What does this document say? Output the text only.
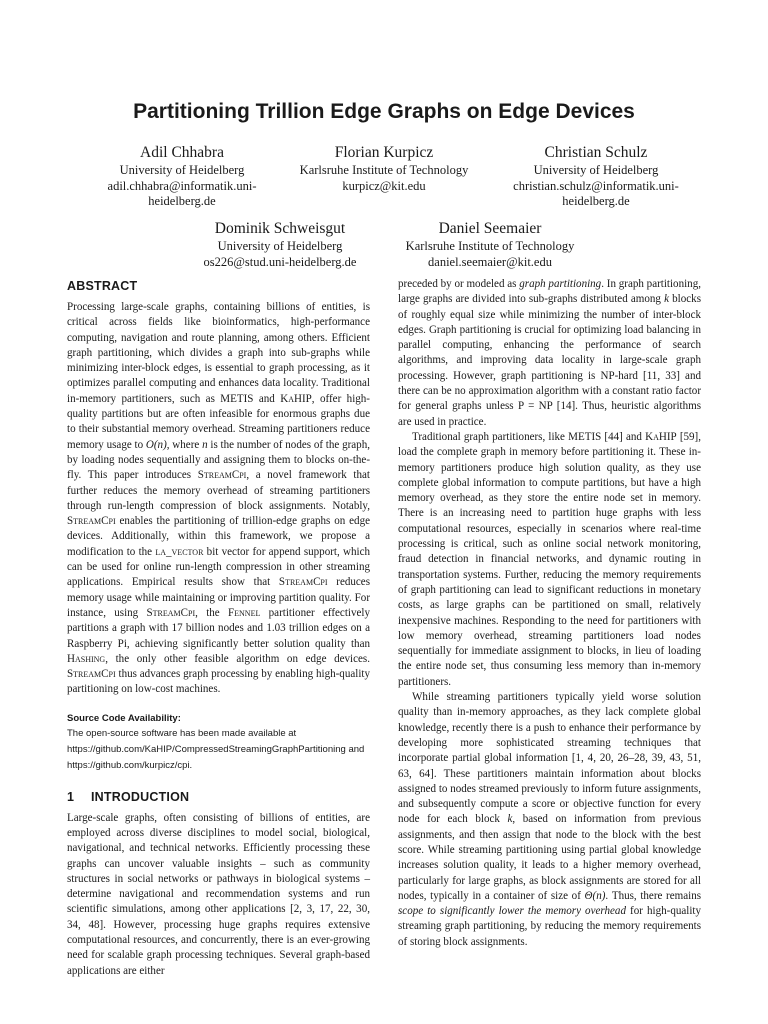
Partitioning Trillion Edge Graphs on Edge Devices
Adil Chhabra
University of Heidelberg
adil.chhabra@informatik.uni-heidelberg.de
Florian Kurpicz
Karlsruhe Institute of Technology
kurpicz@kit.edu
Christian Schulz
University of Heidelberg
christian.schulz@informatik.uni-heidelberg.de
Dominik Schweisgut
University of Heidelberg
os226@stud.uni-heidelberg.de
Daniel Seemaier
Karlsruhe Institute of Technology
daniel.seemaier@kit.edu
ABSTRACT

Processing large-scale graphs, containing billions of entities, is critical across fields like bioinformatics, high-performance computing, navigation and route planning, among others. Efficient graph partitioning, which divides a graph into sub-graphs while minimizing inter-block edges, is essential to graph processing, as it optimizes parallel computing and enhances data locality. Traditional in-memory partitioners, such as METIS and KaHIP, offer high-quality partitions but are often infeasible for enormous graphs due to their substantial memory overhead. Streaming partitioners reduce memory usage to O(n), where n is the number of nodes of the graph, by loading nodes sequentially and assigning them to blocks on-the-fly. This paper introduces StreamCpi, a novel framework that further reduces the memory overhead of streaming partitioners through run-length compression of block assignments. Notably, StreamCpi enables the partitioning of trillion-edge graphs on edge devices. Additionally, within this framework, we propose a modification to the la_vector bit vector for append support, which can be used for online run-length compression in other streaming applications. Empirical results show that StreamCpi reduces memory usage while maintaining or improving partition quality. For instance, using StreamCpi, the Fennel partitioner effectively partitions a graph with 17 billion nodes and 1.03 trillion edges on a Raspberry Pi, achieving significantly better solution quality than Hashing, the only other feasible algorithm on edge devices. StreamCpi thus advances graph processing by enabling high-quality partitioning on low-cost machines.

Source Code Availability:
The open-source software has been made available at https://github.com/KaHIP/CompressedStreamingGraphPartitioning and https://github.com/kurpicz/cpi.
1 INTRODUCTION

Large-scale graphs, often consisting of billions of entities, are employed across diverse disciplines to model social, biological, navigational, and technical networks. Efficiently processing these graphs can uncover valuable insights – such as community structures in social networks or pathways in biological systems – determine navigational and recommendation systems and run scientific simulations, among other applications [2, 3, 17, 22, 30, 34, 48]. However, processing huge graphs requires extensive computational resources, and concurrently, there is an ever-growing need for scalable graph processing techniques. Several graph-based applications are either

preceded by or modeled as graph partitioning. In graph partitioning, large graphs are divided into sub-graphs distributed among k blocks of roughly equal size while minimizing the number of inter-block edges. Graph partitioning is crucial for optimizing load balancing in parallel computing, enhancing the performance of search algorithms, and improving data locality in large-scale graph processing. However, graph partitioning is NP-hard [11, 33] and there can be no approximation algorithm with a constant ratio factor for general graphs unless P = NP [14]. Thus, heuristic algorithms are used in practice.

Traditional graph partitioners, like METIS [44] and KaHIP [59], load the complete graph in memory before partitioning it. These in-memory partitioners produce high solution quality, as they use complete global information to compute partitions, but have a high memory overhead, as they store the entire node set in memory. There is an increasing need to partition huge graphs with less computational resources, especially in scenarios where real-time processing is critical, such as online social network monitoring, fraud detection in financial networks, and dynamic routing in transportation systems. Further, reducing the memory requirements of graph partitioning can lead to significant reductions in monetary costs, as large graphs can be partitioned on small, relatively inexpensive machines. Responding to the need for partitioners with low memory overhead, streaming partitioners load nodes sequentially for immediate assignment to blocks, in lieu of loading the entire node set, thus consuming less memory than in-memory partitioners.

While streaming partitioners typically yield worse solution quality than in-memory approaches, as they lack complete global knowledge, recently there is a push to enhance their performance by developing more sophisticated streaming techniques that incorporate partial global information [1, 4, 20, 26–28, 39, 43, 51, 63, 64]. These partitioners maintain information about blocks assigned to nodes streamed previously to inform future assignments, and subsequently compute a score or objective function for every node for each block k, based on information from previous assignments, and then assign that node to the block with the best score. While streaming partitioning using partial global knowledge increases solution quality, it leads to a higher memory overhead, particularly for large graphs, as block assignments are stored for all nodes, typically in a container of size of Θ(n). Thus, there remains scope to significantly lower the memory overhead for high-quality streaming graph partitioning, by reducing the memory requirements of storing block assignments.
